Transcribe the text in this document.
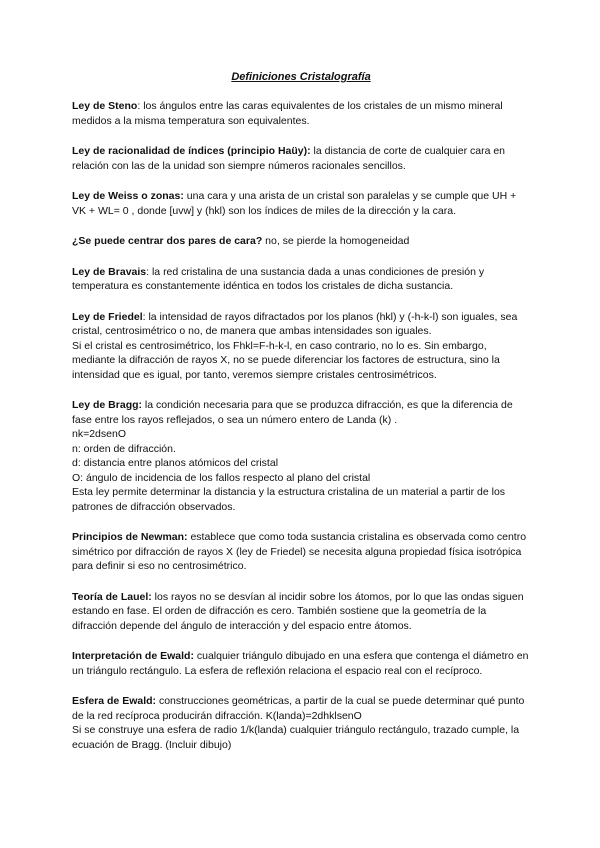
Definiciones Cristalografía

Ley de Steno: los ángulos entre las caras equivalentes de los cristales de un mismo mineral medidos a la misma temperatura son equivalentes.

Ley de racionalidad de índices (principio Haüy): la distancia de corte de cualquier cara en relación con las de la unidad son siempre números racionales sencillos.

Ley de Weiss o zonas: una cara y una arista de un cristal son paralelas y se cumple que UH + VK + WL= 0 , donde [uvw] y (hkl) son los índices de miles de la dirección y la cara.

¿Se puede centrar dos pares de cara? no, se pierde la homogeneidad

Ley de Bravais: la red cristalina de una sustancia dada a unas condiciones de presión y temperatura es constantemente idéntica en todos los cristales de dicha sustancia.

Ley de Friedel: la intensidad de rayos difractados por los planos (hkl) y (-h-k-l) son iguales, sea cristal, centrosimétrico o no, de manera que ambas intensidades son iguales.

Si el cristal es centrosimétrico, los Fhkl=F-h-k-l, en caso contrario, no lo es. Sin embargo, mediante la difracción de rayos X, no se puede diferenciar los factores de estructura, sino la intensidad que es igual, por tanto, veremos siempre cristales centrosimétricos.

Ley de Bragg: la condición necesaria para que se produzca difracción, es que la diferencia de fase entre los rayos reflejados, o sea un número entero de Landa (k) .

nk=2dsenO

n: orden de difracción.

d: distancia entre planos atómicos del cristal

O: ángulo de incidencia de los fallos respecto al plano del cristal

Esta ley permite determinar la distancia y la estructura cristalina de un material a partir de los patrones de difracción observados.

Principios de Newman: establece que como toda sustancia cristalina es observada como centro simétrico por difracción de rayos X (ley de Friedel) se necesita alguna propiedad física isotrópica para definir si eso no centrosimétrico.

Teoría de Lauel: los rayos no se desvían al incidir sobre los átomos, por lo que las ondas siguen estando en fase. El orden de difracción es cero. También sostiene que la geometría de la difracción depende del ángulo de interacción y del espacio entre átomos.

Interpretación de Ewald: cualquier triángulo dibujado en una esfera que contenga el diámetro en un triángulo rectángulo. La esfera de reflexión relaciona el espacio real con el recíproco.

Esfera de Ewald: construcciones geométricas, a partir de la cual se puede determinar qué punto de la red recíproca producirán difracción. K(landa)=2dhklsenO

Si se construye una esfera de radio 1/k(landa) cualquier triángulo rectángulo, trazado cumple, la ecuación de Bragg. (Incluir dibujo)
